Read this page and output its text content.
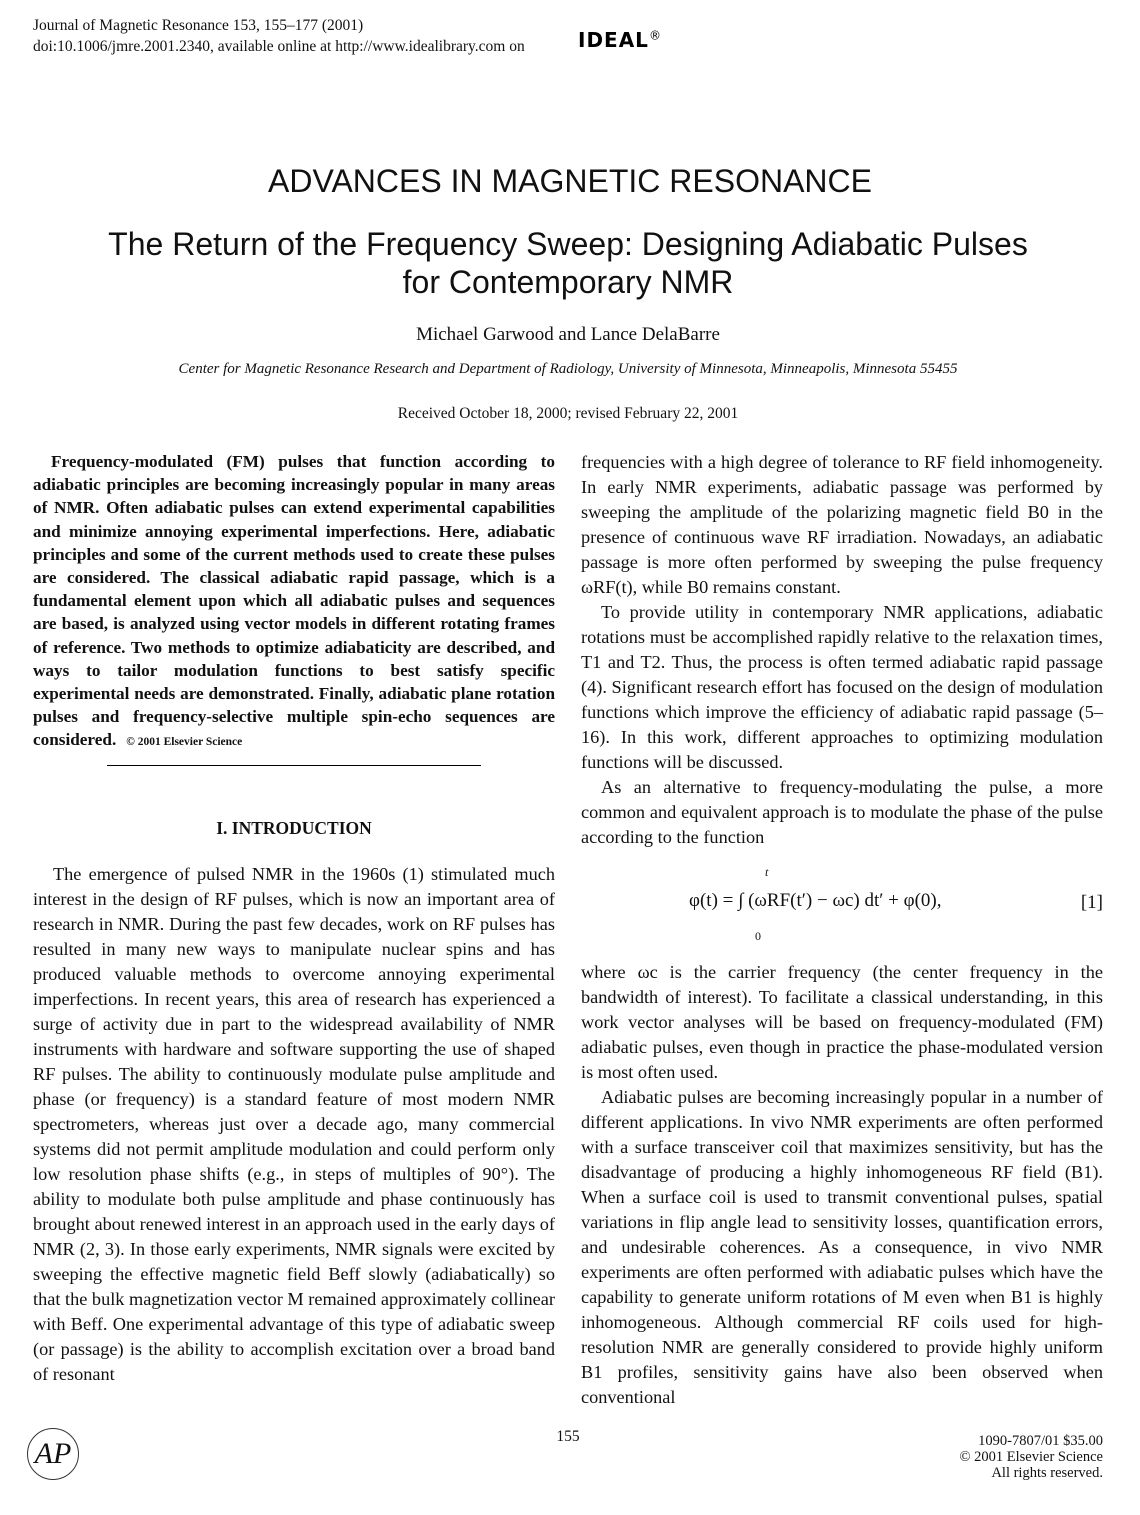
Journal of Magnetic Resonance 153, 155–177 (2001)
doi:10.1006/jmre.2001.2340, available online at http://www.idealibrary.com on	IDEAL®
ADVANCES IN MAGNETIC RESONANCE
The Return of the Frequency Sweep: Designing Adiabatic Pulses for Contemporary NMR
Michael Garwood and Lance DelaBarre
Center for Magnetic Resonance Research and Department of Radiology, University of Minnesota, Minneapolis, Minnesota 55455
Received October 18, 2000; revised February 22, 2001
Frequency-modulated (FM) pulses that function according to adiabatic principles are becoming increasingly popular in many areas of NMR. Often adiabatic pulses can extend experimental capabilities and minimize annoying experimental imperfections. Here, adiabatic principles and some of the current methods used to create these pulses are considered. The classical adiabatic rapid passage, which is a fundamental element upon which all adiabatic pulses and sequences are based, is analyzed using vector models in different rotating frames of reference. Two methods to optimize adiabaticity are described, and ways to tailor modulation functions to best satisfy specific experimental needs are demonstrated. Finally, adiabatic plane rotation pulses and frequency-selective multiple spin-echo sequences are considered. © 2001 Elsevier Science
I. INTRODUCTION

The emergence of pulsed NMR in the 1960s (1) stimulated much interest in the design of RF pulses, which is now an important area of research in NMR. During the past few decades, work on RF pulses has resulted in many new ways to manipulate nuclear spins and has produced valuable methods to overcome annoying experimental imperfections. In recent years, this area of research has experienced a surge of activity due in part to the widespread availability of NMR instruments with hardware and software supporting the use of shaped RF pulses. The ability to continuously modulate pulse amplitude and phase (or frequency) is a standard feature of most modern NMR spectrometers, whereas just over a decade ago, many commercial systems did not permit amplitude modulation and could perform only low resolution phase shifts (e.g., in steps of multiples of 90°). The ability to modulate both pulse amplitude and phase continuously has brought about renewed interest in an approach used in the early days of NMR (2, 3). In those early experiments, NMR signals were excited by sweeping the effective magnetic field Beff slowly (adiabatically) so that the bulk magnetization vector M remained approximately collinear with Beff. One experimental advantage of this type of adiabatic sweep (or passage) is the ability to accomplish excitation over a broad band of resonant

frequencies with a high degree of tolerance to RF field inhomogeneity. In early NMR experiments, adiabatic passage was performed by sweeping the amplitude of the polarizing magnetic field B0 in the presence of continuous wave RF irradiation. Nowadays, an adiabatic passage is more often performed by sweeping the pulse frequency ωRF(t), while B0 remains constant.

To provide utility in contemporary NMR applications, adiabatic rotations must be accomplished rapidly relative to the relaxation times, T1 and T2. Thus, the process is often termed adiabatic rapid passage (4). Significant research effort has focused on the design of modulation functions which improve the efficiency of adiabatic rapid passage (5–16). In this work, different approaches to optimizing modulation functions will be discussed.

As an alternative to frequency-modulating the pulse, a more common and equivalent approach is to modulate the phase of the pulse according to the function

φ(t) = ∫ (ωRF(t′) − ωc) dt′ + φ(0),
t
0
[1]

where ωc is the carrier frequency (the center frequency in the bandwidth of interest). To facilitate a classical understanding, in this work vector analyses will be based on frequency-modulated (FM) adiabatic pulses, even though in practice the phase-modulated version is most often used.

Adiabatic pulses are becoming increasingly popular in a number of different applications. In vivo NMR experiments are often performed with a surface transceiver coil that maximizes sensitivity, but has the disadvantage of producing a highly inhomogeneous RF field (B1). When a surface coil is used to transmit conventional pulses, spatial variations in flip angle lead to sensitivity losses, quantification errors, and undesirable coherences. As a consequence, in vivo NMR experiments are often performed with adiabatic pulses which have the capability to generate uniform rotations of M even when B1 is highly inhomogeneous. Although commercial RF coils used for high-resolution NMR are generally considered to provide highly uniform B1 profiles, sensitivity gains have also been observed when conventional

AP
155	1090-7807/01 $35.00
© 2001 Elsevier Science
All rights reserved.
